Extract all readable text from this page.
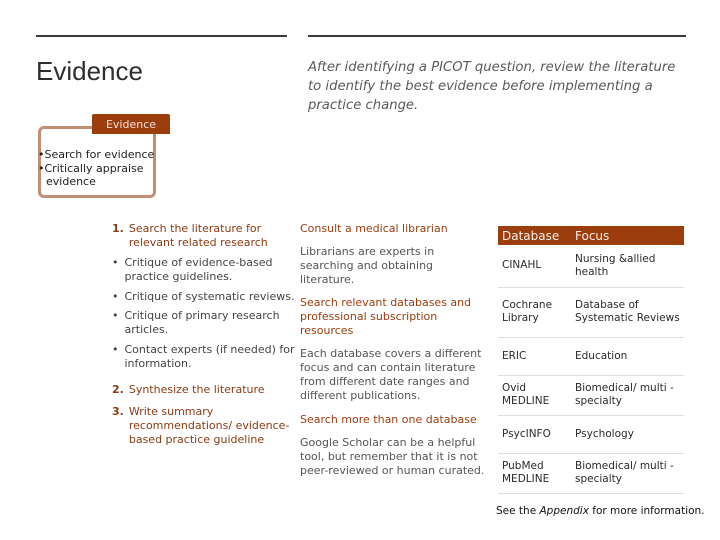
Evidence	After identifying a PICOT question, review the literature to identify the best evidence before implementing a practice change.
Evidence
•Search for evidence
•Critically appraise
evidence
1. Search the literature for relevant related research
• Critique of evidence-based practice guidelines.
• Critique of systematic reviews.
• Critique of primary research articles.
• Contact experts (if needed) for information.
2. Synthesize the literature
3. Write summary recommendations/ evidence-based practice guideline
Consult a medical librarian
Librarians are experts in searching and obtaining literature.
Search relevant databases and professional subscription resources
Each database covers a different focus and can contain literature from different date ranges and different publications.
Search more than one database
Google Scholar can be a helpful tool, but remember that it is not peer-reviewed or human curated.
Database	Focus
CINAHL	Nursing &allied health
Cochrane Library	Database of Systematic Reviews
ERIC	Education
Ovid MEDLINE	Biomedical/ multi -specialty
PsycINFO	Psychology
PubMed MEDLINE	Biomedical/ multi -specialty
See the Appendix for more information.
